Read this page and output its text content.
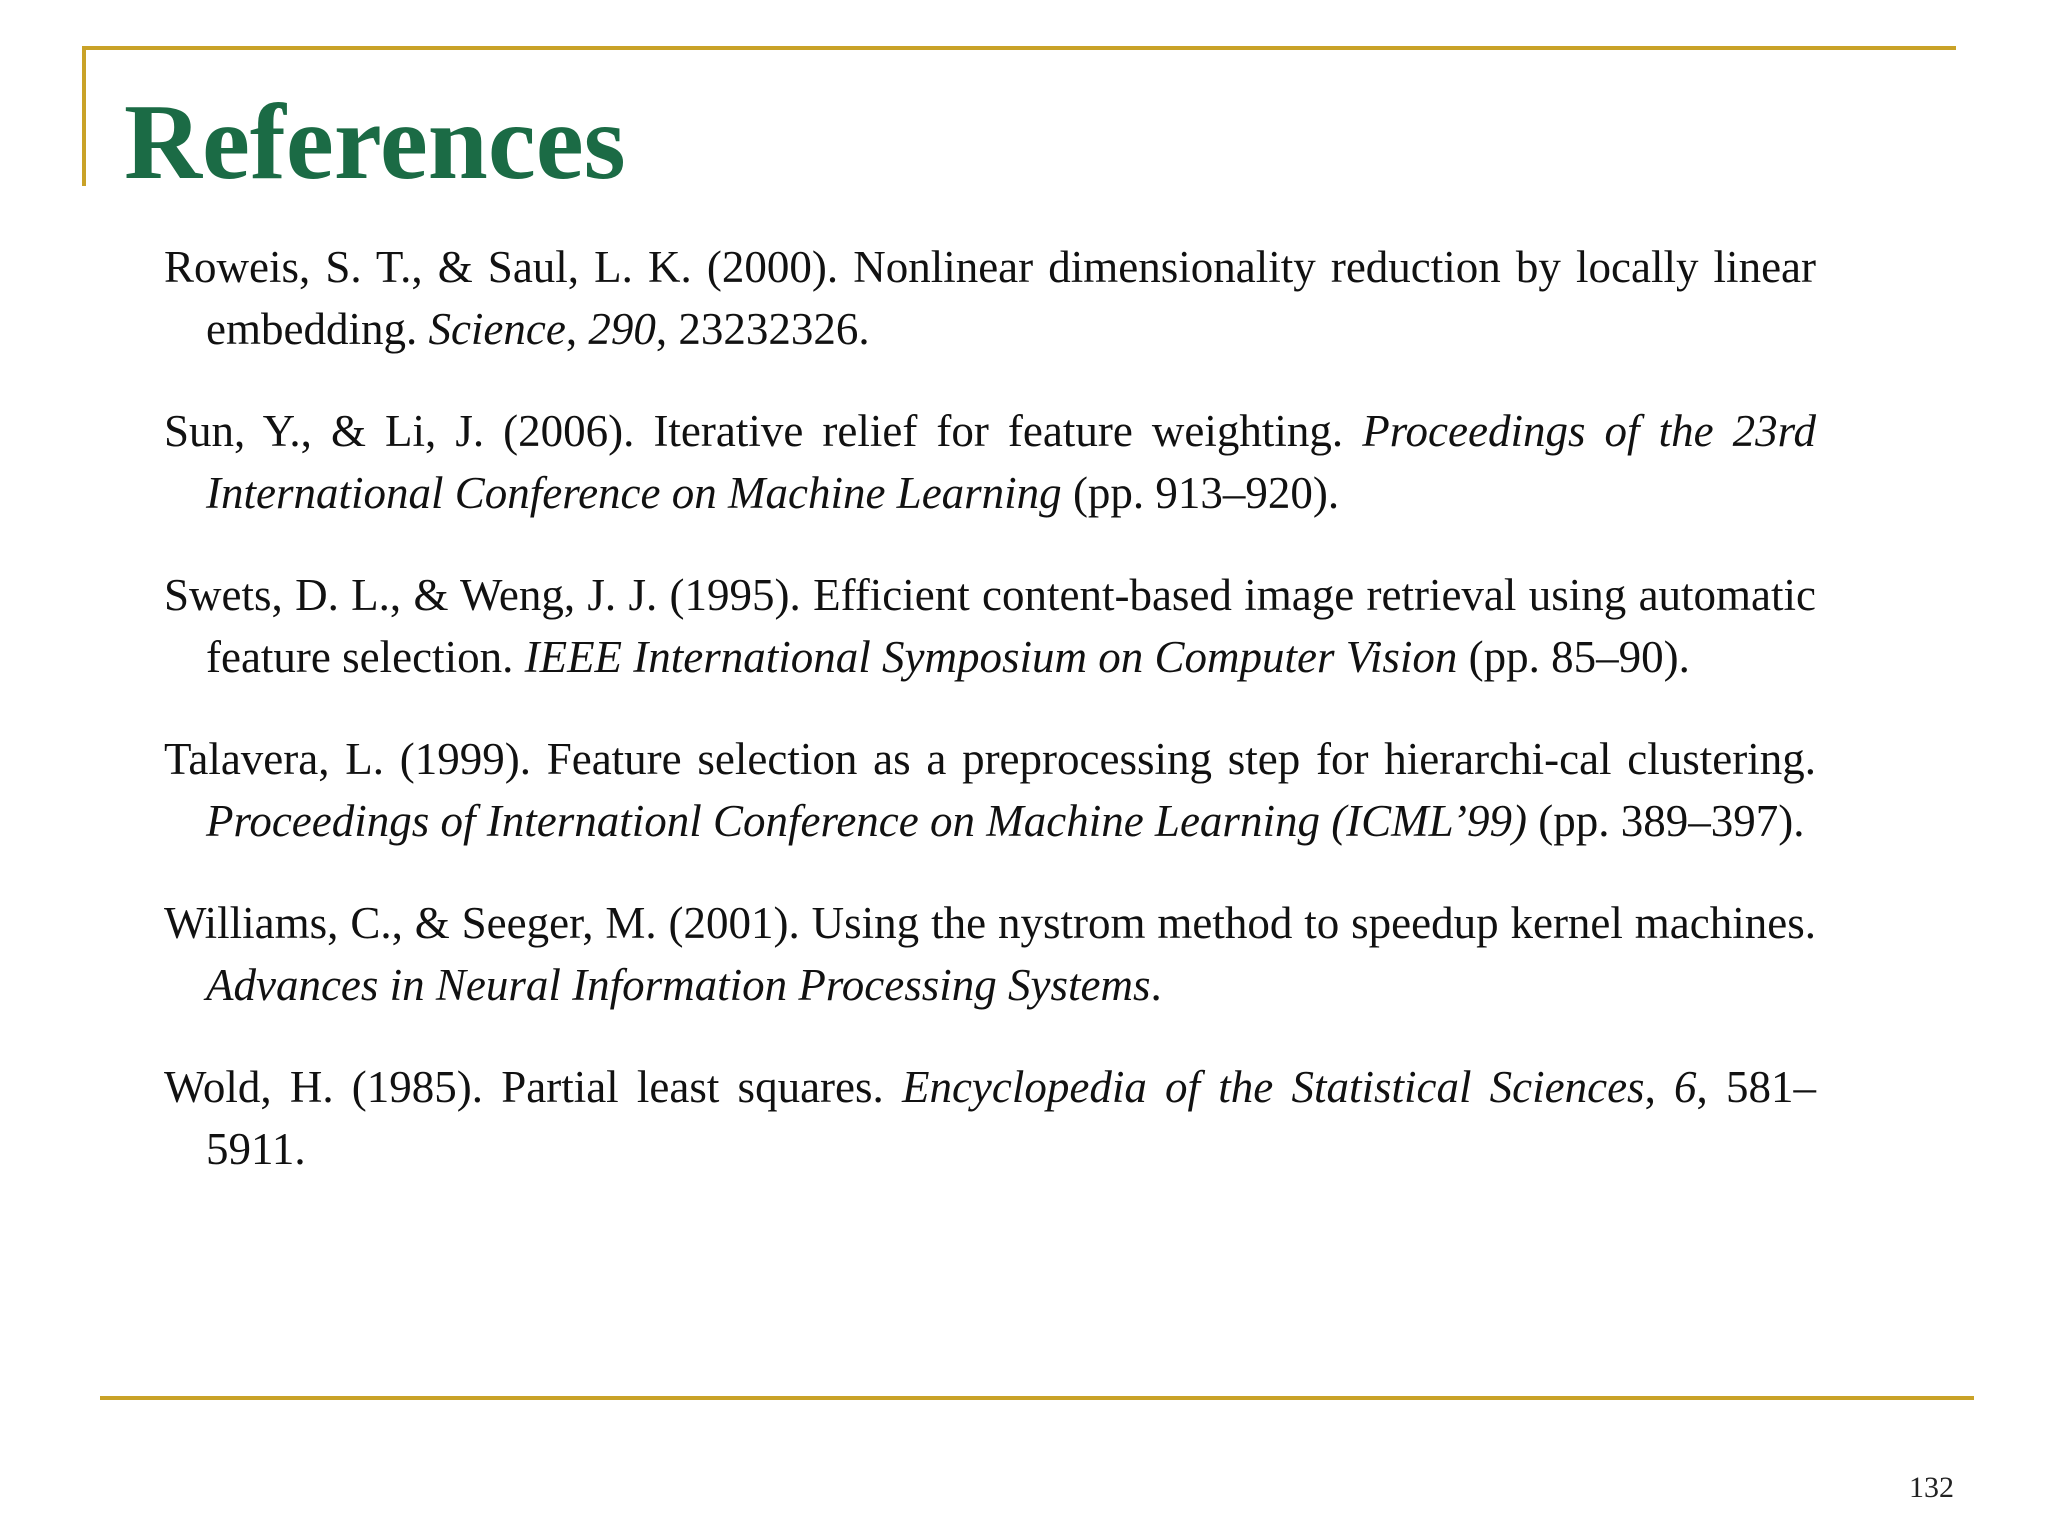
References
Roweis, S. T., & Saul, L. K. (2000). Nonlinear dimensionality reduction by locally linear embedding. Science, 290, 23232326.
Sun, Y., & Li, J. (2006). Iterative relief for feature weighting. Proceedings of the 23rd International Conference on Machine Learning (pp. 913–920).
Swets, D. L., & Weng, J. J. (1995). Efficient content-based image retrieval using automatic feature selection. IEEE International Symposium on Computer Vision (pp. 85–90).
Talavera, L. (1999). Feature selection as a preprocessing step for hierarchi-cal clustering. Proceedings of Internationl Conference on Machine Learning (ICML’99) (pp. 389–397).
Williams, C., & Seeger, M. (2001). Using the nystrom method to speedup kernel machines. Advances in Neural Information Processing Systems.
Wold, H. (1985). Partial least squares. Encyclopedia of the Statistical Sciences, 6, 581–5911.
132
